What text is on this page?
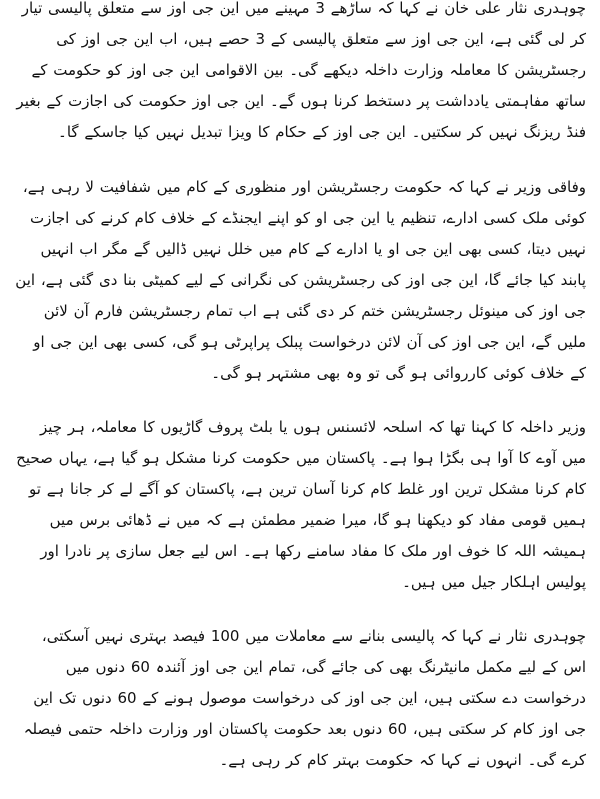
چوہدری نثار علی خان نے کہا کہ ساڑھے 3 مہینے میں این جی اوز سے متعلق پالیسی تیار کر لی گئی ہے، این جی اوز سے متعلق پالیسی کے 3 حصے ہیں، اب این جی اوز کی رجسٹریشن کا معاملہ وزارت داخلہ دیکھے گی۔ بین الاقوامی این جی اوز کو حکومت کے ساتھ مفاہمتی یادداشت پر دستخط کرنا ہوں گے۔ این جی اوز حکومت کی اجازت کے بغیر فنڈ ریزنگ نہیں کر سکتیں۔ این جی اوز کے حکام کا ویزا تبدیل نہیں کیا جاسکے گا۔

وفاقی وزیر نے کہا کہ حکومت رجسٹریشن اور منظوری کے کام میں شفافیت لا رہی ہے، کوئی ملک کسی ادارے، تنظیم یا این جی او کو اپنے ایجنڈے کے خلاف کام کرنے کی اجازت نہیں دیتا، کسی بھی این جی او یا ادارے کے کام میں خلل نہیں ڈالیں گے مگر اب انہیں پابند کیا جائے گا، این جی اوز کی رجسٹریشن کی نگرانی کے لیے کمیٹی بنا دی گئی ہے، این جی اوز کی مینوئل رجسٹریشن ختم کر دی گئی ہے اب تمام رجسٹریشن فارم آن لائن ملیں گے، این جی اوز کی آن لائن درخواست پبلک پراپرٹی ہو گی، کسی بھی این جی او کے خلاف کوئی کارروائی ہو گی تو وہ بھی مشتہر ہو گی۔

وزیر داخلہ کا کہنا تھا کہ اسلحہ لائسنس ہوں یا بلٹ پروف گاڑیوں کا معاملہ، ہر چیز میں آوے کا آوا ہی بگڑا ہوا ہے۔ پاکستان میں حکومت کرنا مشکل ہو گیا ہے، یہاں صحیح کام کرنا مشکل ترین اور غلط کام کرنا آسان ترین ہے، پاکستان کو آگے لے کر جانا ہے تو ہمیں قومی مفاد کو دیکھنا ہو گا، میرا ضمیر مطمئن ہے کہ میں نے ڈھائی برس میں ہمیشہ اللہ کا خوف اور ملک کا مفاد سامنے رکھا ہے۔ اس لیے جعل سازی پر نادرا اور پولیس اہلکار جیل میں ہیں۔

چوہدری نثار نے کہا کہ پالیسی بنانے سے معاملات میں 100 فیصد بہتری نہیں آسکتی، اس کے لیے مکمل مانیٹرنگ بھی کی جائے گی، تمام این جی اوز آئندہ 60 دنوں میں درخواست دے سکتی ہیں، این جی اوز کی درخواست موصول ہونے کے 60 دنوں تک این جی اوز کام کر سکتی ہیں، 60 دنوں بعد حکومت پاکستان اور وزارت داخلہ حتمی فیصلہ کرے گی۔ انہوں نے کہا کہ حکومت بہتر کام کر رہی ہے۔
